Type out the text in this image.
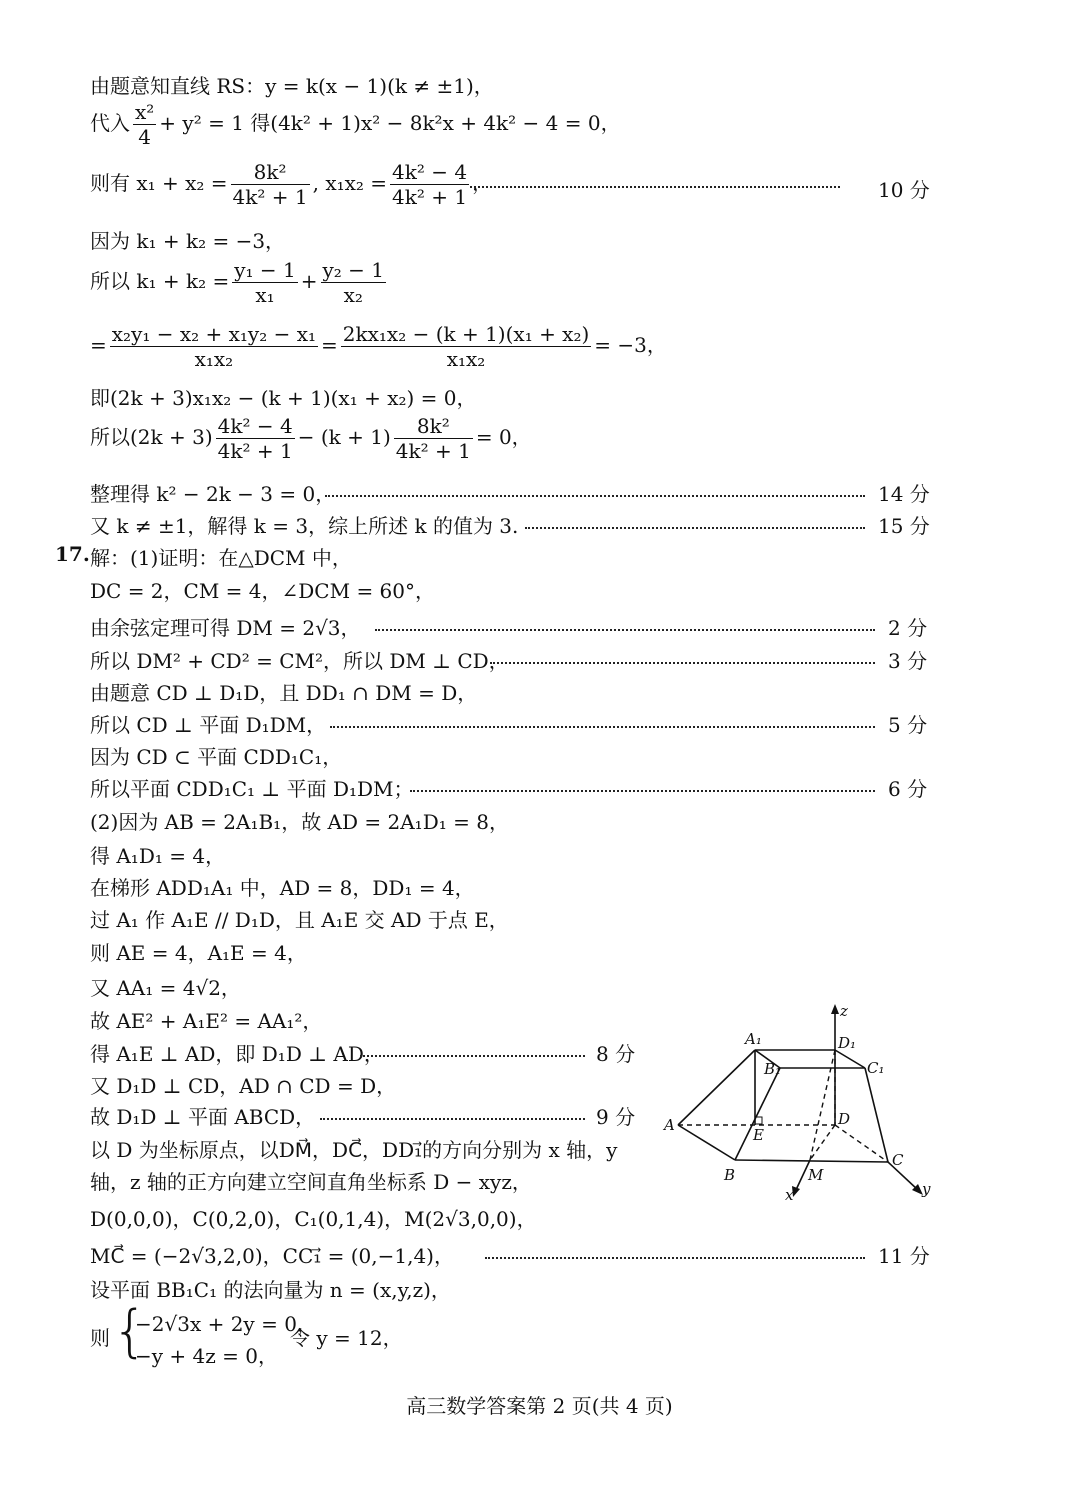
由题意知直线 RS：y = k(x − 1)(k ≠ ±1)，
代入 $\frac{\text{x²}}{4} + y^2 = 1$ 得(4k² + 1)x² − 8k²x + 4k² − 4 = 0，
则有 $x_1 + x_2 = \frac{\text{8k²}}{\text{4k² + 1}}$ , $x_1x_2 = \frac{\text{4k² − 4}}{\text{4k² + 1}}$ ，	10 分
因为 k₁ + k₂ = −3，
所以 $k_1 + k_2 = \frac{\text{y₁ − 1}}{\text{x₁}} + \frac{\text{y₂ − 1}}{\text{x₂}}$
= $\frac{\text{x₂y₁ − x₂ + x₁y₂ − x₁}}{\text{x₁x₂}} = \frac{\text{2kx₁x₂ − (k + 1)(x₁ + x₂)}}{\text{x₁x₂}} = -3$，
即(2k + 3)x₁x₂ − (k + 1)(x₁ + x₂) = 0，
所以$(2k + 3) \frac{\text{4k² − 4}}{\text{4k² + 1}} - (k + 1) \frac{\text{8k²}}{\text{4k² + 1}} = 0$，
整理得 k² − 2k − 3 = 0，	14 分
又 k ≠ ±1，解得 k = 3，综上所述 k 的值为 3.	15 分
17. 解：(1)证明：在△DCM 中，
DC = 2，CM = 4，∠DCM = 60°，
由余弦定理可得 DM = 2√3，	2 分
所以 DM² + CD² = CM²，所以 DM ⊥ CD，	3 分
由题意 CD ⊥ D₁D，且 DD₁ ∩ DM = D，
所以 CD ⊥ 平面 D₁DM，	5 分
因为 CD ⊂ 平面 CDD₁C₁，
所以平面 CDD₁C₁ ⊥ 平面 D₁DM；	6 分
(2)因为 AB = 2A₁B₁，故 AD = 2A₁D₁ = 8，
得 A₁D₁ = 4，
在梯形 ADD₁A₁ 中，AD = 8，DD₁ = 4，
过 A₁ 作 A₁E // D₁D，且 A₁E 交 AD 于点 E，
则 AE = 4，A₁E = 4，
又 AA₁ = 4√2，
故 AE² + A₁E² = AA₁²，
得 A₁E ⊥ AD，即 D₁D ⊥ AD，	8 分
又 D₁D ⊥ CD，AD ∩ CD = D，
故 D₁D ⊥ 平面 ABCD，	9 分
以 D 为坐标原点，以DM⃗，DC⃗，DD₁⃗的方向分别为 x 轴，y
轴，z 轴的正方向建立空间直角坐标系 D − xyz，
D(0,0,0)，C(0,2,0)，C₁(0,1,4)，M(2√3,0,0)，
MC⃗ = (−2√3,2,0)，CC₁⃗ = (0,−1,4)，	11 分
设平面 BB₁C₁ 的法向量为 n = (x,y,z)，
则 {
−2√3x + 2y = 0，
−y + 4z = 0，
令 y = 12，
A₁	D₁
B₁	C₁
A
E
D
B	M
C
x	y
z
高三数学答案第 2 页(共 4 页)
